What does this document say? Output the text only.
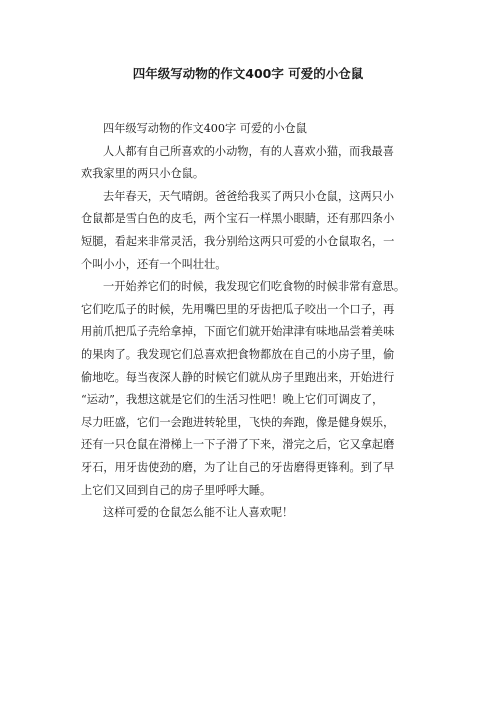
四年级写动物的作文400字 可爱的小仓鼠
四年级写动物的作文400字 可爱的小仓鼠
人人都有自己所喜欢的小动物，有的人喜欢小猫，而我最喜
欢我家里的两只小仓鼠。
去年春天，天气晴朗。爸爸给我买了两只小仓鼠，这两只小
仓鼠都是雪白色的皮毛，两个宝石一样黑小眼睛，还有那四条小
短腿，看起来非常灵活，我分别给这两只可爱的小仓鼠取名，一
个叫小小，还有一个叫壮壮。
一开始养它们的时候，我发现它们吃食物的时候非常有意思。
它们吃瓜子的时候，先用嘴巴里的牙齿把瓜子咬出一个口子，再
用前爪把瓜子壳给拿掉，下面它们就开始津津有味地品尝着美味
的果肉了。我发现它们总喜欢把食物都放在自己的小房子里，偷
偷地吃。每当夜深人静的时候它们就从房子里跑出来，开始进行
“运动”，我想这就是它们的生活习性吧！晚上它们可调皮了，
尽力旺盛，它们一会跑进转轮里，飞快的奔跑，像是健身娱乐，
还有一只仓鼠在滑梯上一下子滑了下来，滑完之后，它又拿起磨
牙石，用牙齿使劲的磨，为了让自己的牙齿磨得更锋利。到了早
上它们又回到自己的房子里呼呼大睡。
这样可爱的仓鼠怎么能不让人喜欢呢！
